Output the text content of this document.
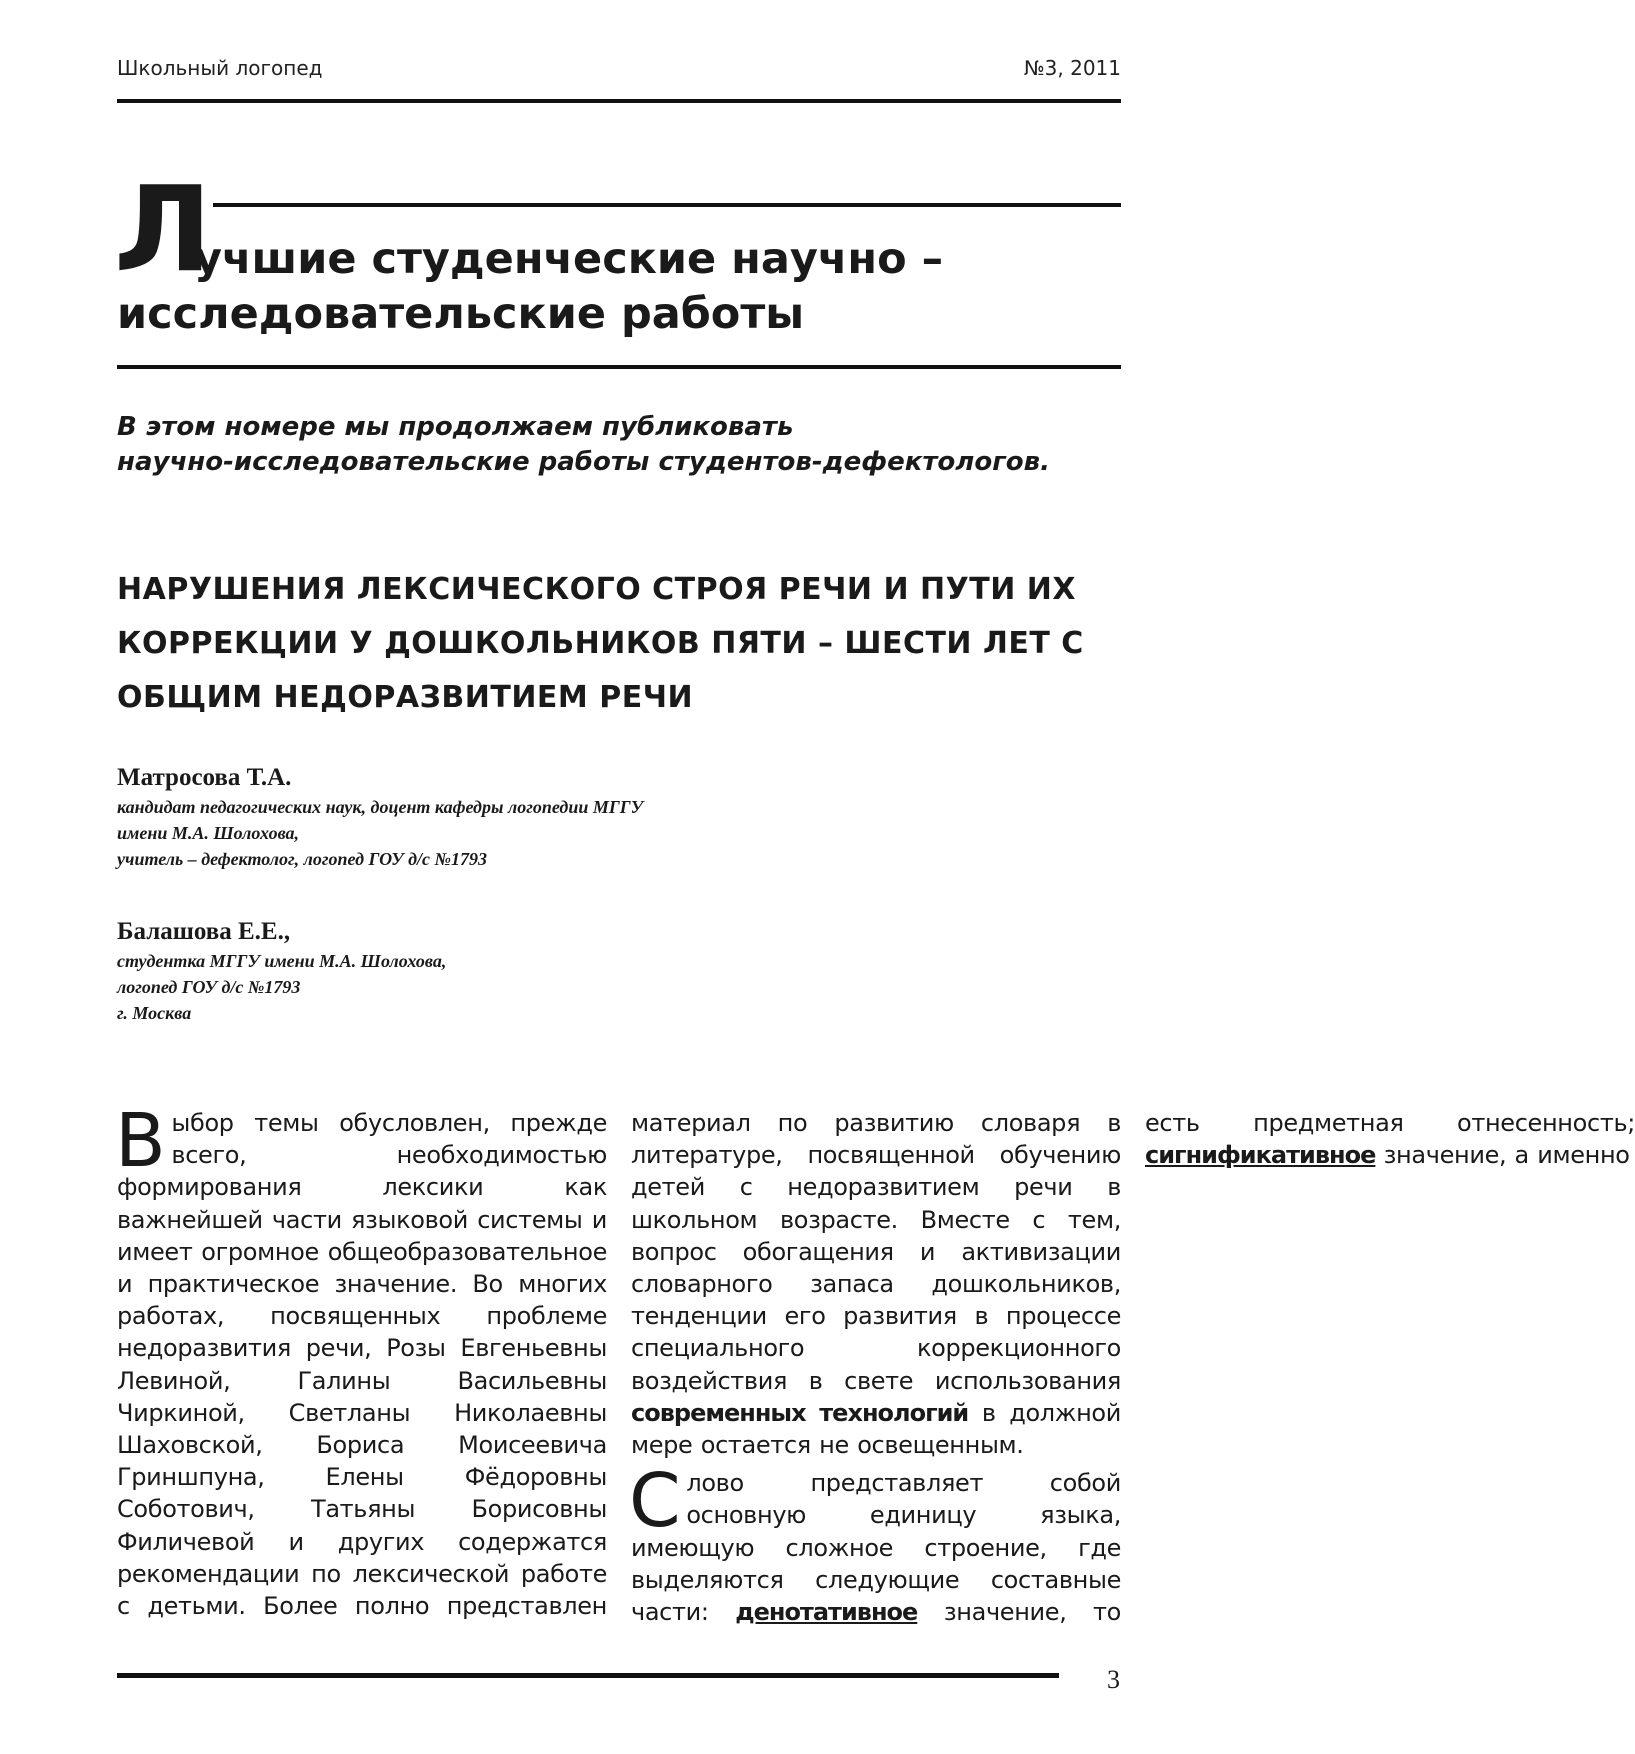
Школьный логопед	№3, 2011
Л
учшие студенческие научно –
исследовательские работы
В этом номере мы продолжаем публиковать
научно-исследовательские работы студентов-дефектологов.
НАРУШЕНИЯ ЛЕКСИЧЕСКОГО СТРОЯ РЕЧИ И ПУТИ ИХ
КОРРЕКЦИИ У ДОШКОЛЬНИКОВ ПЯТИ – ШЕСТИ ЛЕТ С
ОБЩИМ НЕДОРАЗВИТИЕМ РЕЧИ
Матросова Т.А.
кандидат педагогических наук, доцент кафедры логопедии МГГУ
имени М.А. Шолохова,
учитель – дефектолог, логопед ГОУ д/с №1793
Балашова Е.Е.,
студентка МГГУ имени М.А. Шолохова,
логопед ГОУ д/с №1793
г. Москва

Выбор темы обусловлен, прежде всего, необходимостью формирования лексики как важнейшей части языковой системы и имеет огромное общеобразовательное и практическое значение. Во многих работах, посвященных проблеме недоразвития речи, Розы Евгеньевны Левиной, Галины Васильевны Чиркиной, Светланы Николаевны Шаховской, Бориса Моисеевича Гриншпуна, Елены Фёдоровны Соботович, Татьяны Борисовны Филичевой и других содержатся рекомендации по лексической работе с детьми. Более полно представлен материал по развитию словаря в литературе, посвященной обучению детей с недоразвитием речи в школьном возрасте. Вместе с тем, вопрос обогащения и активизации словарного запаса дошкольников, тенденции его развития в процессе специального коррекционного воздействия в свете использования современных технологий в должной мере остается не освещенным.

Слово представляет собой основную единицу языка, имеющую сложное строение, где выделяются следующие составные части: денотативное значение, то есть предметная отнесенность; сигнификативное значение, а именно

3
